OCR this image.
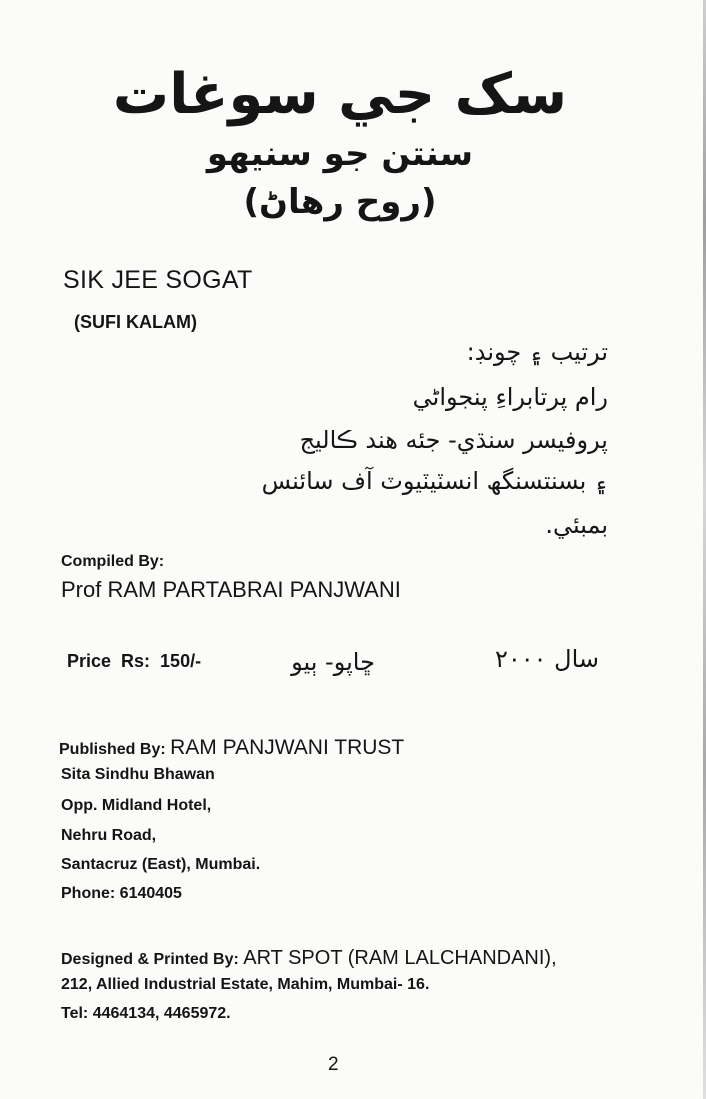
سک جي سوغات
سنتن جو سنيهو
(روح رهاڻ)
SIK JEE SOGAT
(SUFI KALAM)
ترتيب ۽ چونڊ:
رام پرتابراءِ پنجواڻي
پروفيسر سنڌي- جئه هند ڪاليج
۽ بسنتسنگھ انسٽيٽيوٽ آف سائنس
بمبئي.
Compiled By:
Prof RAM PARTABRAI PANJWANI
Price  Rs:  150/-	ڇاپو- ٻيو	سال ٢٠٠٠
Published By: RAM PANJWANI TRUST
Sita Sindhu Bhawan
Opp. Midland Hotel,
Nehru Road,
Santacruz (East), Mumbai.
Phone: 6140405
Designed & Printed By: ART SPOT (RAM LALCHANDANI),
212, Allied Industrial Estate, Mahim, Mumbai- 16.
Tel: 4464134, 4465972.
2
